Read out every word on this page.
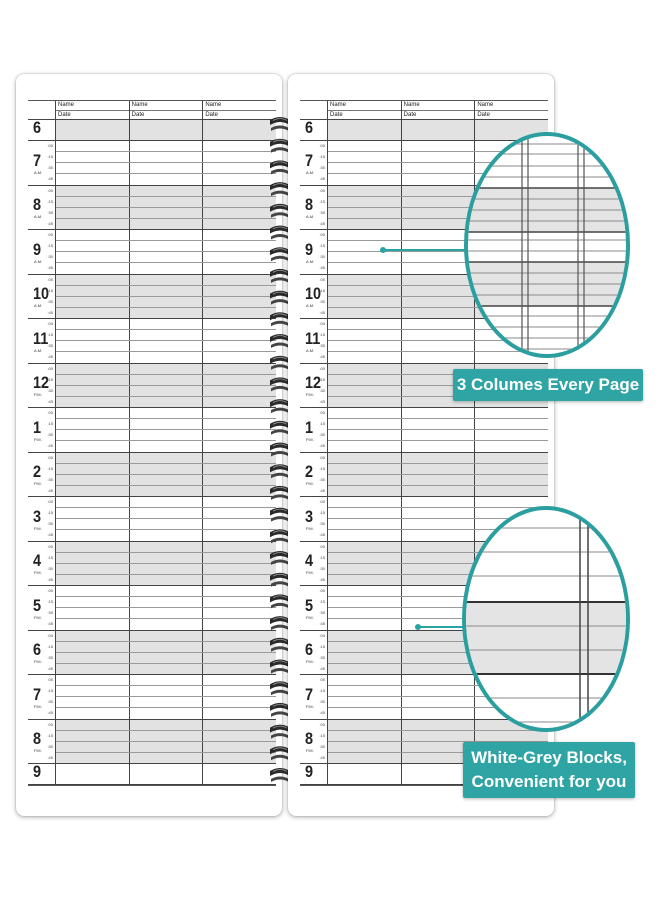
Name
Date
Name
Date
Name
Date
6
7
A.M.
:00
:15
:30
:45
8
A.M.
:00
:15
:30
:45
9
A.M.
:00
:15
:30
:45
10
A.M.
:00
:15
:30
:45
11
A.M.
:00
:15
:30
:45
12
P.M.
:00
:15
:30
:45
1
P.M.
:00
:15
:30
:45
2
P.M.
:00
:15
:30
:45
3
P.M.
:00
:15
:30
:45
4
P.M.
:00
:15
:30
:45
5
P.M.
:00
:15
:30
:45
6
P.M.
:00
:15
:30
:45
7
P.M.
:00
:15
:30
:45
8
P.M.
:00
:15
:30
:45
9
Name
Date
Name
Date
Name
Date
6
7
A.M.
:00
:15
:30
:45
8
A.M.
:00
:15
:30
:45
9
A.M.
:00
:15
:30
:45
10
A.M.
:00
:15
:30
:45
11
A.M.
:00
:15
:30
:45
12
P.M.
:00
:15
:30
:45
1
P.M.
:00
:15
:30
:45
2
P.M.
:00
:15
:30
:45
3
P.M.
:00
:15
:30
:45
4
P.M.
:00
:15
:30
:45
5
P.M.
:00
:15
:30
:45
6
P.M.
:00
:15
:30
:45
7
P.M.
:00
:15
:30
:45
8
P.M.
:00
:15
:30
:45
9
3 Columes Every Page
White-Grey Blocks,
Convenient for you
